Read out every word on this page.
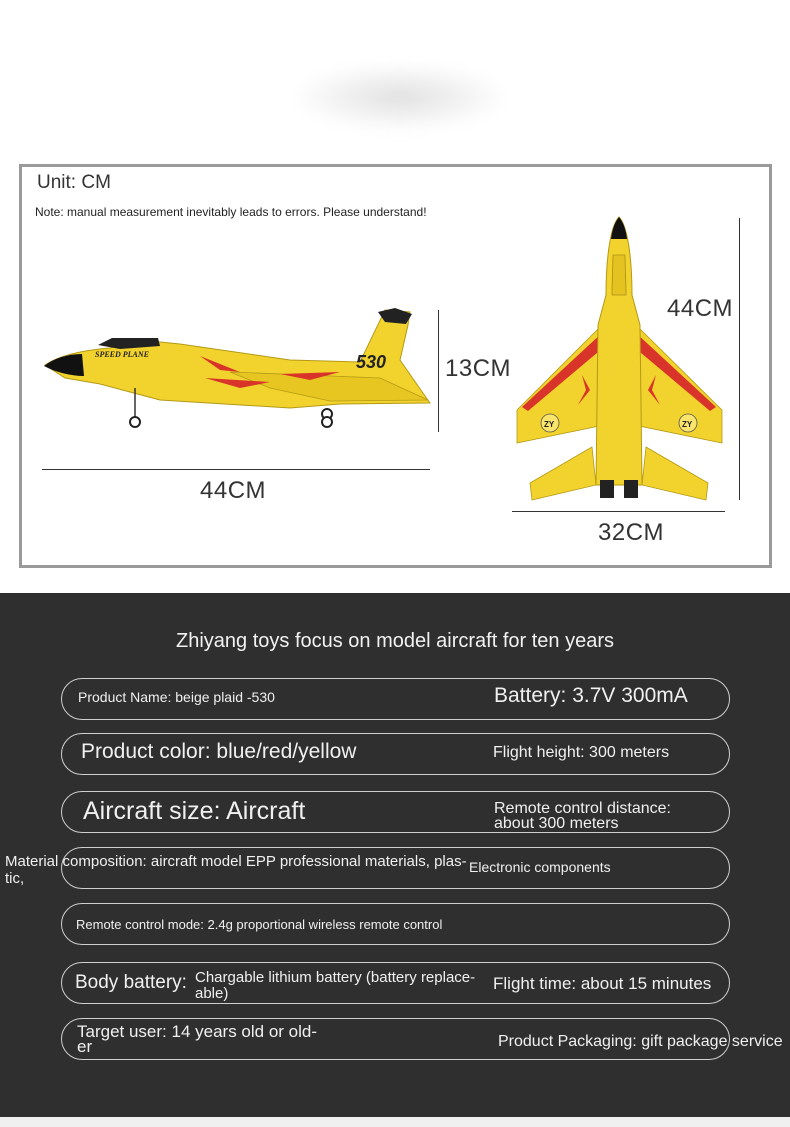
Unit: CM
Note: manual measurement inevitably leads to errors. Please understand!
SPEED PLANE	530 13CM
44CM
ZY	ZY
44CM
32CM
Zhiyang toys focus on model aircraft for ten years
Product Name: beige plaid -530	Battery: 3.7V 300mA
Product color: blue/red/yellow	Flight height: 300 meters
Aircraft size: Aircraft	Remote control distance:
about 300 meters
Material composition: aircraft model EPP professional materials, plas-
tic,
Electronic components
Remote control mode: 2.4g proportional wireless remote control
Body battery: Chargable lithium battery (battery replace-
able)
Flight time: about 15 minutes
Target user: 14 years old or old-
er	Product Packaging: gift package service
